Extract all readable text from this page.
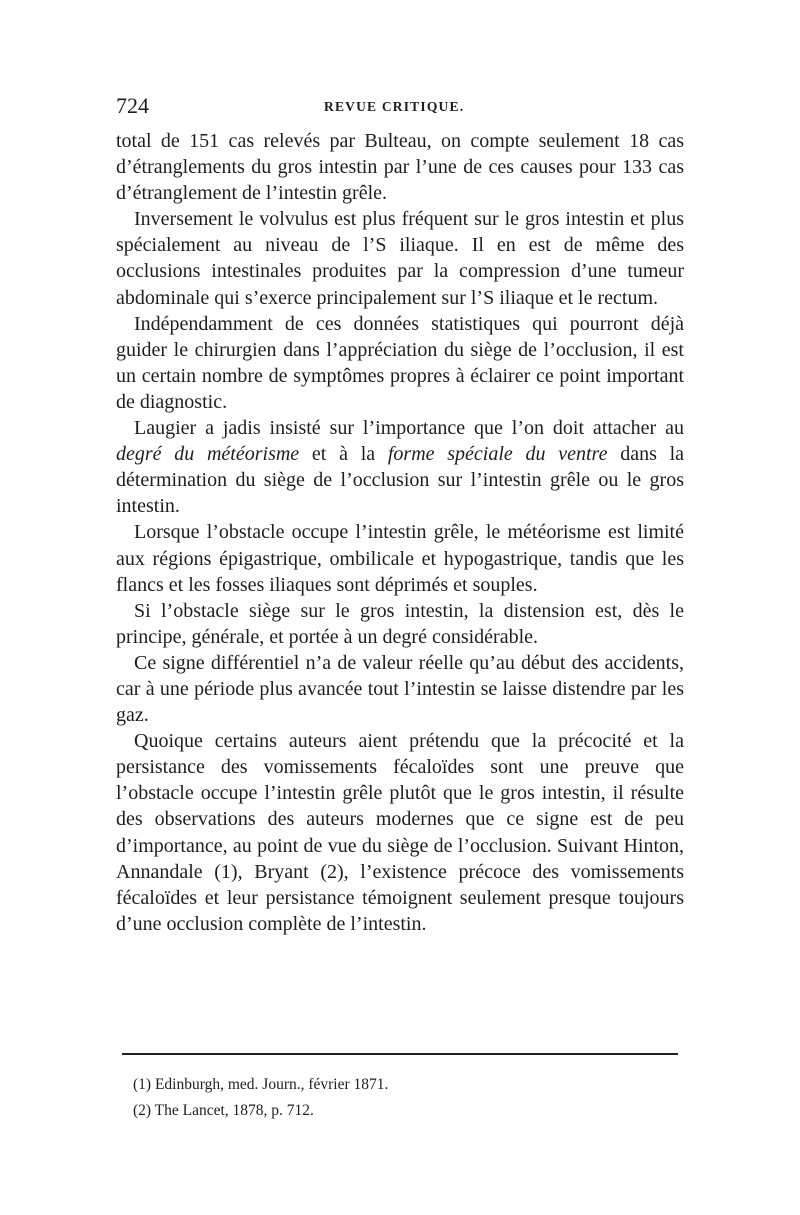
724	REVUE CRITIQUE.

total de 151 cas relevés par Bulteau, on compte seulement 18 cas d’étranglements du gros intestin par l’une de ces causes pour 133 cas d’étranglement de l’intestin grêle.

Inversement le volvulus est plus fréquent sur le gros intestin et plus spécialement au niveau de l’S iliaque. Il en est de même des occlusions intestinales produites par la compression d’une tumeur abdominale qui s’exerce principalement sur l’S iliaque et le rectum.

Indépendamment de ces données statistiques qui pourront déjà guider le chirurgien dans l’appréciation du siège de l’occlusion, il est un certain nombre de symptômes propres à éclairer ce point important de diagnostic.

Laugier a jadis insisté sur l’importance que l’on doit attacher au degré du météorisme et à la forme spéciale du ventre dans la détermination du siège de l’occlusion sur l’intestin grêle ou le gros intestin.

Lorsque l’obstacle occupe l’intestin grêle, le météorisme est limité aux régions épigastrique, ombilicale et hypogastrique, tandis que les flancs et les fosses iliaques sont déprimés et souples.

Si l’obstacle siège sur le gros intestin, la distension est, dès le principe, générale, et portée à un degré considérable.

Ce signe différentiel n’a de valeur réelle qu’au début des accidents, car à une période plus avancée tout l’intestin se laisse distendre par les gaz.

Quoique certains auteurs aient prétendu que la précocité et la persistance des vomissements fécaloïdes sont une preuve que l’obstacle occupe l’intestin grêle plutôt que le gros intestin, il résulte des observations des auteurs modernes que ce signe est de peu d’importance, au point de vue du siège de l’occlusion. Suivant Hinton, Annandale (1), Bryant (2), l’existence précoce des vomissements fécaloïdes et leur persistance témoignent seulement presque toujours d’une occlusion complète de l’intestin.

(1) Edinburgh, med. Journ., février 1871.
(2) The Lancet, 1878, p. 712.
